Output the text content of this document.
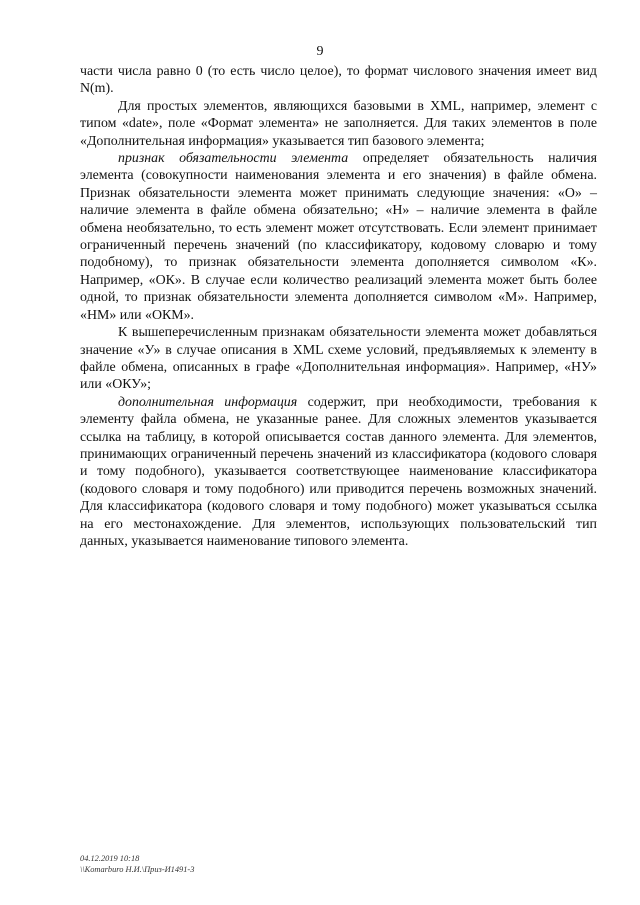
9

части числа равно 0 (то есть число целое), то формат числового значения имеет вид N(m).

Для простых элементов, являющихся базовыми в XML, например, элемент с типом «date», поле «Формат элемента» не заполняется. Для таких элементов в поле «Дополнительная информация» указывается тип базового элемента;

признак обязательности элемента определяет обязательность наличия элемента (совокупности наименования элемента и его значения) в файле обмена. Признак обязательности элемента может принимать следующие значения: «О» – наличие элемента в файле обмена обязательно; «Н» – наличие элемента в файле обмена необязательно, то есть элемент может отсутствовать. Если элемент принимает ограниченный перечень значений (по классификатору, кодовому словарю и тому подобному), то признак обязательности элемента дополняется символом «К». Например, «ОК». В случае если количество реализаций элемента может быть более одной, то признак обязательности элемента дополняется символом «М». Например, «НМ» или «ОКМ».

К вышеперечисленным признакам обязательности элемента может добавляться значение «У» в случае описания в XML схеме условий, предъявляемых к элементу в файле обмена, описанных в графе «Дополнительная информация». Например, «НУ» или «ОКУ»;

дополнительная информация содержит, при необходимости, требования к элементу файла обмена, не указанные ранее. Для сложных элементов указывается ссылка на таблицу, в которой описывается состав данного элемента. Для элементов, принимающих ограниченный перечень значений из классификатора (кодового словаря и тому подобного), указывается соответствующее наименование классификатора (кодового словаря и тому подобного) или приводится перечень возможных значений. Для классификатора (кодового словаря и тому подобного) может указываться ссылка на его местонахождение. Для элементов, использующих пользовательский тип данных, указывается наименование типового элемента.

04.12.2019 10:18
\\Komarburo Н.И.\Приз-И1491-3
